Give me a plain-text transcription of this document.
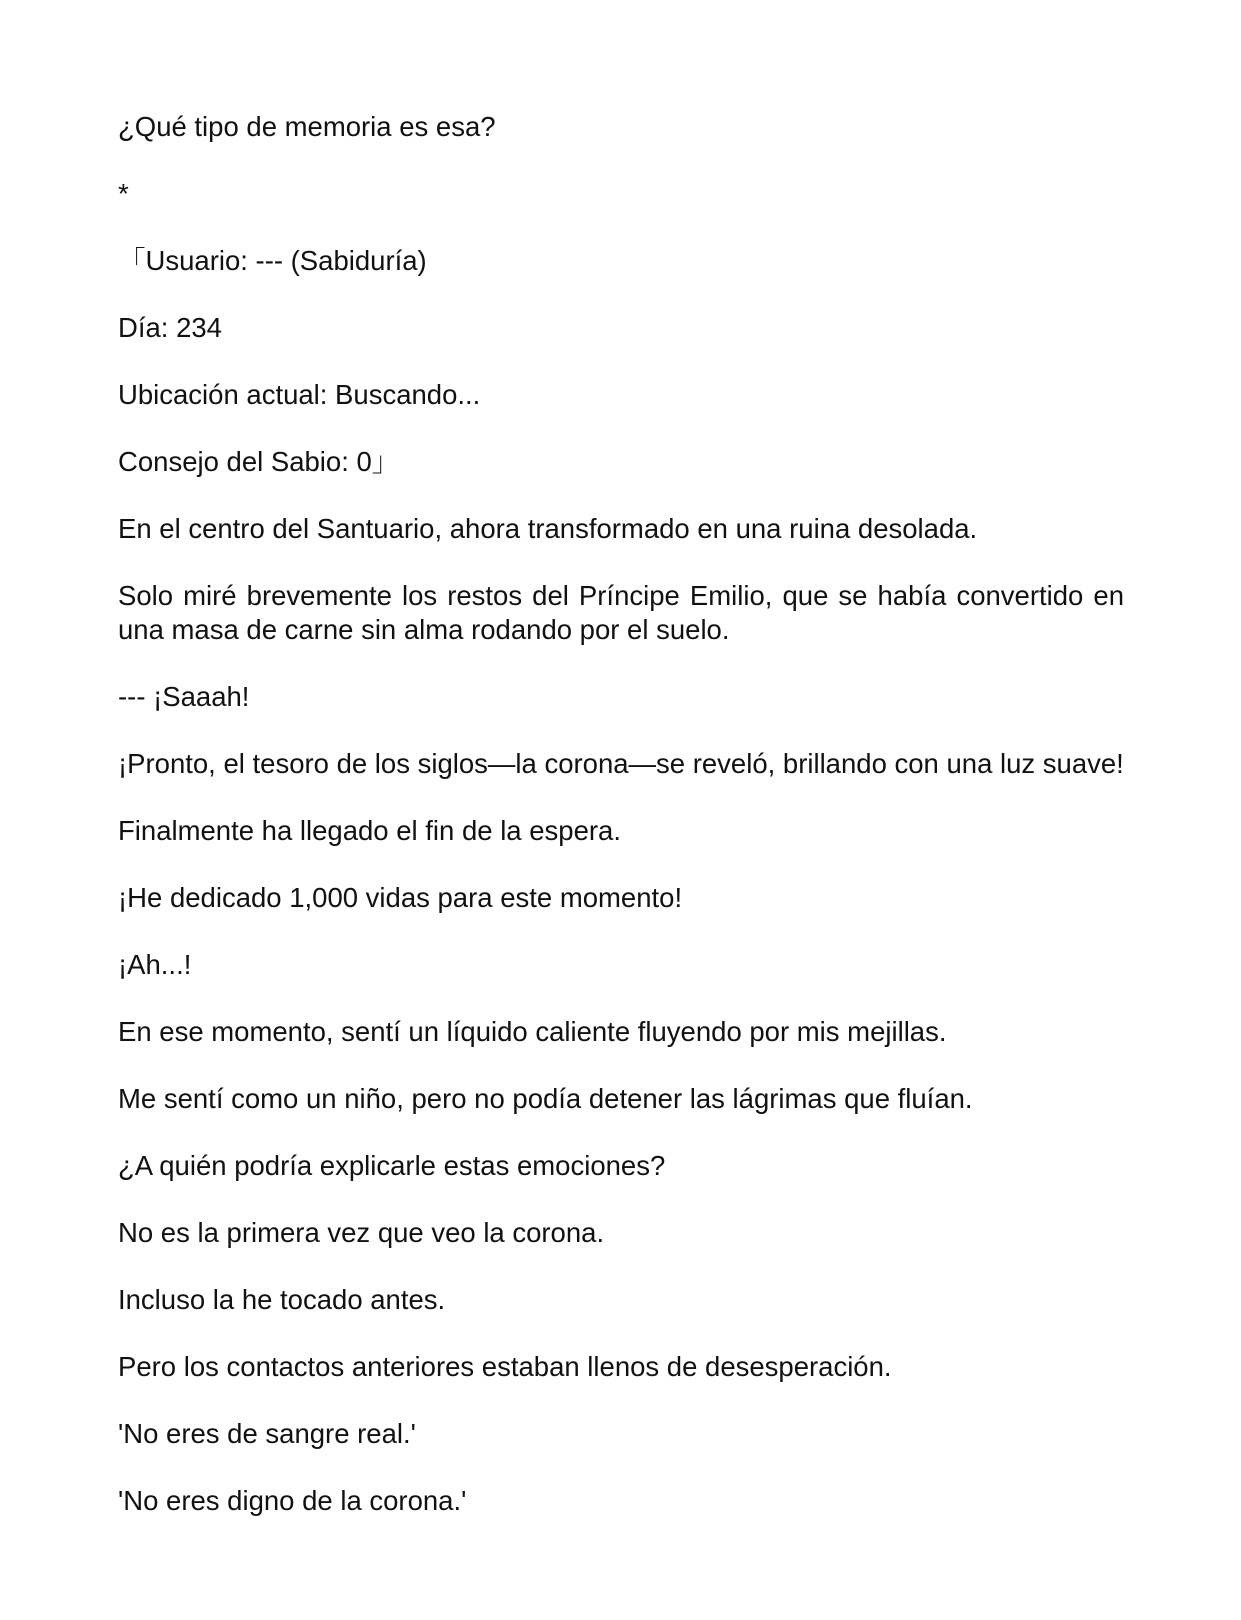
¿Qué tipo de memoria es esa?

*

「Usuario: --- (Sabiduría)

Día: 234

Ubicación actual: Buscando...

Consejo del Sabio: 0」

En el centro del Santuario, ahora transformado en una ruina desolada.

Solo miré brevemente los restos del Príncipe Emilio, que se había convertido en una masa de carne sin alma rodando por el suelo.

--- ¡Saaah!

¡Pronto, el tesoro de los siglos—la corona—se reveló, brillando con una luz suave!

Finalmente ha llegado el fin de la espera.

¡He dedicado 1,000 vidas para este momento!

¡Ah...!

En ese momento, sentí un líquido caliente fluyendo por mis mejillas.

Me sentí como un niño, pero no podía detener las lágrimas que fluían.

¿A quién podría explicarle estas emociones?

No es la primera vez que veo la corona.

Incluso la he tocado antes.

Pero los contactos anteriores estaban llenos de desesperación.

'No eres de sangre real.'

'No eres digno de la corona.'
